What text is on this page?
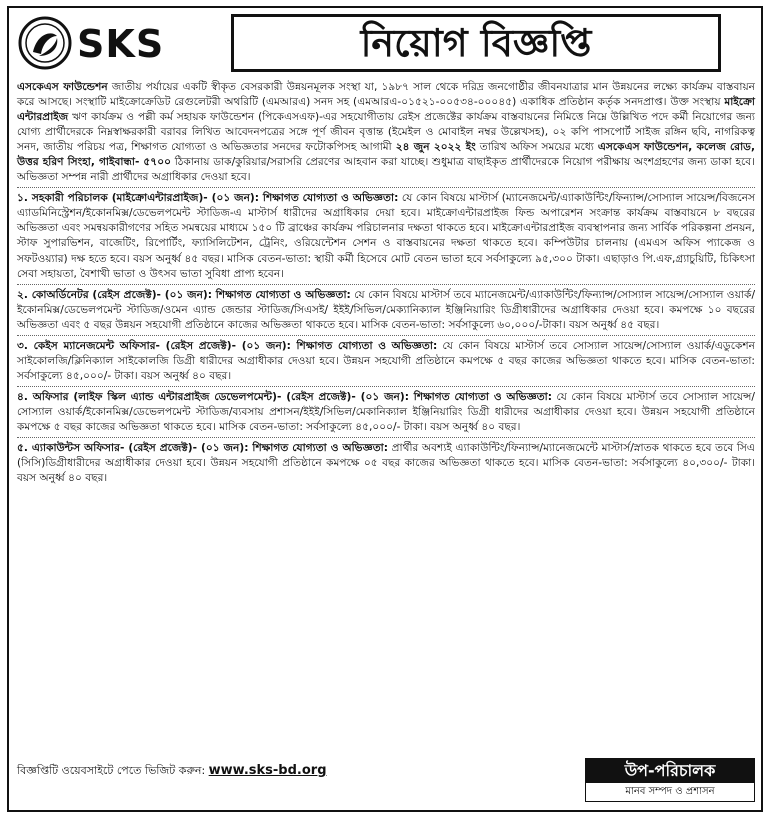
SKS	নিয়োগ বিজ্ঞপ্তি

এসকেএস ফাউন্ডেশন জাতীয় পর্যায়ের একটি স্বীকৃত বেসরকারী উন্নয়নমূলক সংস্থা যা, ১৯৮৭ সাল থেকে দরিদ্র জনগোষ্ঠীর জীবনযাত্রার মান উন্নয়নের লক্ষ্যে কার্যক্রম বাস্তবায়ন করে আসছে। সংস্থাটি মাইক্রোক্রেডিট রেগুলেটরী অথরিটি (এমআরএ) সনদ সহ (এমআরএ-০১৫২১-০০৫৩৪-০০০৪৫) একাধিক প্রতিষ্ঠান কর্তৃক সনদপ্রাপ্ত। উক্ত সংস্থায় মাইক্রো এন্টারপ্রাইজ ঋণ কার্যক্রম ও পল্লী কর্ম সহায়ক ফাউন্ডেশন (পিকেএসএফ)-এর সহযোগীতায় রেইস প্রজেক্টের কার্যক্রম বাস্তবায়নের নিমিত্তে নিম্নে উল্লিখিত পদে কর্মী নিয়োগের জন্য যোগ্য প্রার্থীদেরকে নিম্নস্বাক্ষরকারী বরাবর লিখিত আবেদনপত্রের সঙ্গে পূর্ণ জীবন বৃত্তান্ত (ইমেইল ও মোবাইল নম্বর উল্লেখসহ), ০২ কপি পাসপোর্ট সাইজ রঙ্গিন ছবি, নাগরিকত্ব সনদ, জাতীয় পরিচয় পত্র, শিক্ষাগত যোগ্যতা ও অভিজ্ঞতার সনদের ফটোকপিসহ আগামী ২৪ জুন ২০২২ ইং তারিখ অফিস সময়ের মধ্যে এসকেএস ফাউন্ডেশন, কলেজ রোড, উত্তর হরিণ সিংহা, গাইবান্ধা- ৫৭০০ ঠিকানায় ডাক/কুরিয়ার/সরাসরি প্রেরণের আহবান করা যাচ্ছে। শুধুমাত্র বাছাইকৃত প্রার্থীদেরকে নিয়োগ পরীক্ষায় অংশগ্রহণের জন্য ডাকা হবে। অভিজ্ঞতা সম্পন্ন নারী প্রার্থীদের অগ্রাধিকার দেওয়া হবে।

১. সহকারী পরিচালক (মাইক্রোএন্টারপ্রাইজ)- (০১ জন): শিক্ষাগত যোগ্যতা ও অভিজ্ঞতা: যে কোন বিষয়ে মাস্টার্স (ম্যানেজমেন্ট/এ্যাকাউন্টিং/ফিন্যান্স/সোস্যাল সায়েন্স/বিজনেস এ্যাডমিনিস্ট্রেশন/ইকোনমিক্স/ডেভেলপমেন্ট স্টাডিজ-এ মাস্টার্স ধারীদের অগ্রাধিকার দেয়া হবে। মাইক্রোএন্টারপ্রাইজ ফিন্ড অপারেশন সংক্রান্ত কার্যক্রম বাস্তবায়নে ৮ বছরের অভিজ্ঞতা এবং সমন্বয়কারীগণের সহিত সমন্বয়ের মাধ্যমে ১৫০ টি ব্রাঞ্চের কার্যক্রম পরিচালনার দক্ষতা থাকতে হবে। মাইক্রোএন্টারপ্রাইজ ব্যবস্থাপনার জন্য সার্বিক পরিকল্পনা প্রনয়ন, স্টাফ সুপারভিশন, বাজেটিং, রিপোর্টিং, ফ্যাসিলিটেশন, ট্রেনিং, ওরিয়েন্টেশন সেশন ও বাস্তবায়নের দক্ষতা থাকতে হবে। কম্পিউটার চালনায় (এমএস অফিস প্যাকেজ ও সফটওয়্যার) দক্ষ হতে হবে। বয়স অনুর্ধ্ব ৪৫ বছর। মাসিক বেতন-ভাতা: স্থায়ী কর্মী হিসেবে মোট বেতন ভাতা হবে সর্বসাকুল্যে ৯৫,৩০০ টাকা। এছাড়াও পি.এফ,গ্র্যাচুয়িটি, চিকিৎসা সেবা সহায়তা, বৈশাখী ভাতা ও উৎসব ভাতা সুবিধা প্রাপ্য হবেন।

২. কোঅর্ডিনেটর (রেইস প্রজেক্ট)- (০১ জন): শিক্ষাগত যোগ্যতা ও অভিজ্ঞতা: যে কোন বিষয়ে মাস্টার্স তবে ম্যানেজমেন্ট/এ্যাকাউন্টিং/ফিন্যান্স/সোস্যাল সায়েন্স/সোস্যাল ওয়ার্ক/ইকোনমিক্স/ডেভেলপমেন্ট স্টাডিজ/ওমেন এ্যান্ড জেন্ডার স্টাডিজ/সিএসই/ ইইই/সিভিল/মেক্যানিক্যাল ইঞ্জিনিয়ারিং ডিগ্রীধারীদের অগ্রাধিকার দেওয়া হবে। কমপক্ষে ১০ বছরের অভিজ্ঞতা এবং ৫ বছর উন্নয়ন সহযোগী প্রতিষ্ঠানে কাজের অভিজ্ঞতা থাকতে হবে। মাসিক বেতন-ভাতা: সর্বসাকুল্যে ৬০,০০০/-টাকা। বয়স অনুর্ধ্ব ৪৫ বছর।

৩. কেইস ম্যানেজমেন্ট অফিসার- (রেইস প্রজেক্ট)- (০১ জন): শিক্ষাগত যোগ্যতা ও অভিজ্ঞতা: যে কোন বিষয়ে মাস্টার্স তবে সোস্যাল সায়েন্স/সোস্যাল ওয়ার্ক/এডুকেশন সাইকোলজি/ক্লিনিক্যাল সাইকোলজি ডিগ্রী ধারীদের অগ্রাধীকার দেওয়া হবে। উন্নয়ন সহযোগী প্রতিষ্ঠানে কমপক্ষে ৫ বছর কাজের অভিজ্ঞতা থাকতে হবে। মাসিক বেতন-ভাতা: সর্বসাকুল্যে ৪৫,০০০/- টাকা। বয়স অনুর্ধ্ব ৪০ বছর।

৪. অফিসার (লাইফ স্কিল এ্যান্ড এন্টারপ্রাইজ ডেভেলপমেন্ট)- (রেইস প্রজেক্ট)- (০১ জন): শিক্ষাগত যোগ্যতা ও অভিজ্ঞতা: যে কোন বিষয়ে মাস্টার্স তবে সোস্যাল সায়েন্স/সোস্যাল ওয়ার্ক/ইকোনমিক্স/ডেভেলপমেন্ট স্টাডিজ/ব্যবসায় প্রশাসন/ইইই/সিভিল/মেকানিক্যাল ইঞ্জিনিয়ারিং ডিগ্রী ধারীদের অগ্রাধীকার দেওয়া হবে। উন্নয়ন সহযোগী প্রতিষ্ঠানে কমপক্ষে ৫ বছর কাজের অভিজ্ঞতা থাকতে হবে। মাসিক বেতন-ভাতা: সর্বসাকুল্যে ৪৫,০০০/- টাকা। বয়স অনুর্ধ্ব ৪০ বছর।

৫. এ্যাকাউন্টস অফিসার- (রেইস প্রজেক্ট)- (০১ জন): শিক্ষাগত যোগ্যতা ও অভিজ্ঞতা: প্রার্থীর অবশ্যই এ্যাকাউন্টিং/ফিন্যান্স/ম্যানেজমেন্টে মাস্টার্স/স্নাতক থাকতে হবে তবে সিএ (সিসি)ডিগ্রীধারীদের অগ্রাধীকার দেওয়া হবে। উন্নয়ন সহযোগী প্রতিষ্ঠানে কমপক্ষে ০৫ বছর কাজের অভিজ্ঞতা থাকতে হবে। মাসিক বেতন-ভাতা: সর্বসাকুল্যে ৪০,৩০০/- টাকা। বয়স অনুর্ধ্ব ৪০ বছর।

বিজ্ঞপ্তিটি ওয়েবসাইটে পেতে ভিজিট করুন: www.sks-bd.org	উপ-পরিচালক
মানব সম্পদ ও প্রশাসন
